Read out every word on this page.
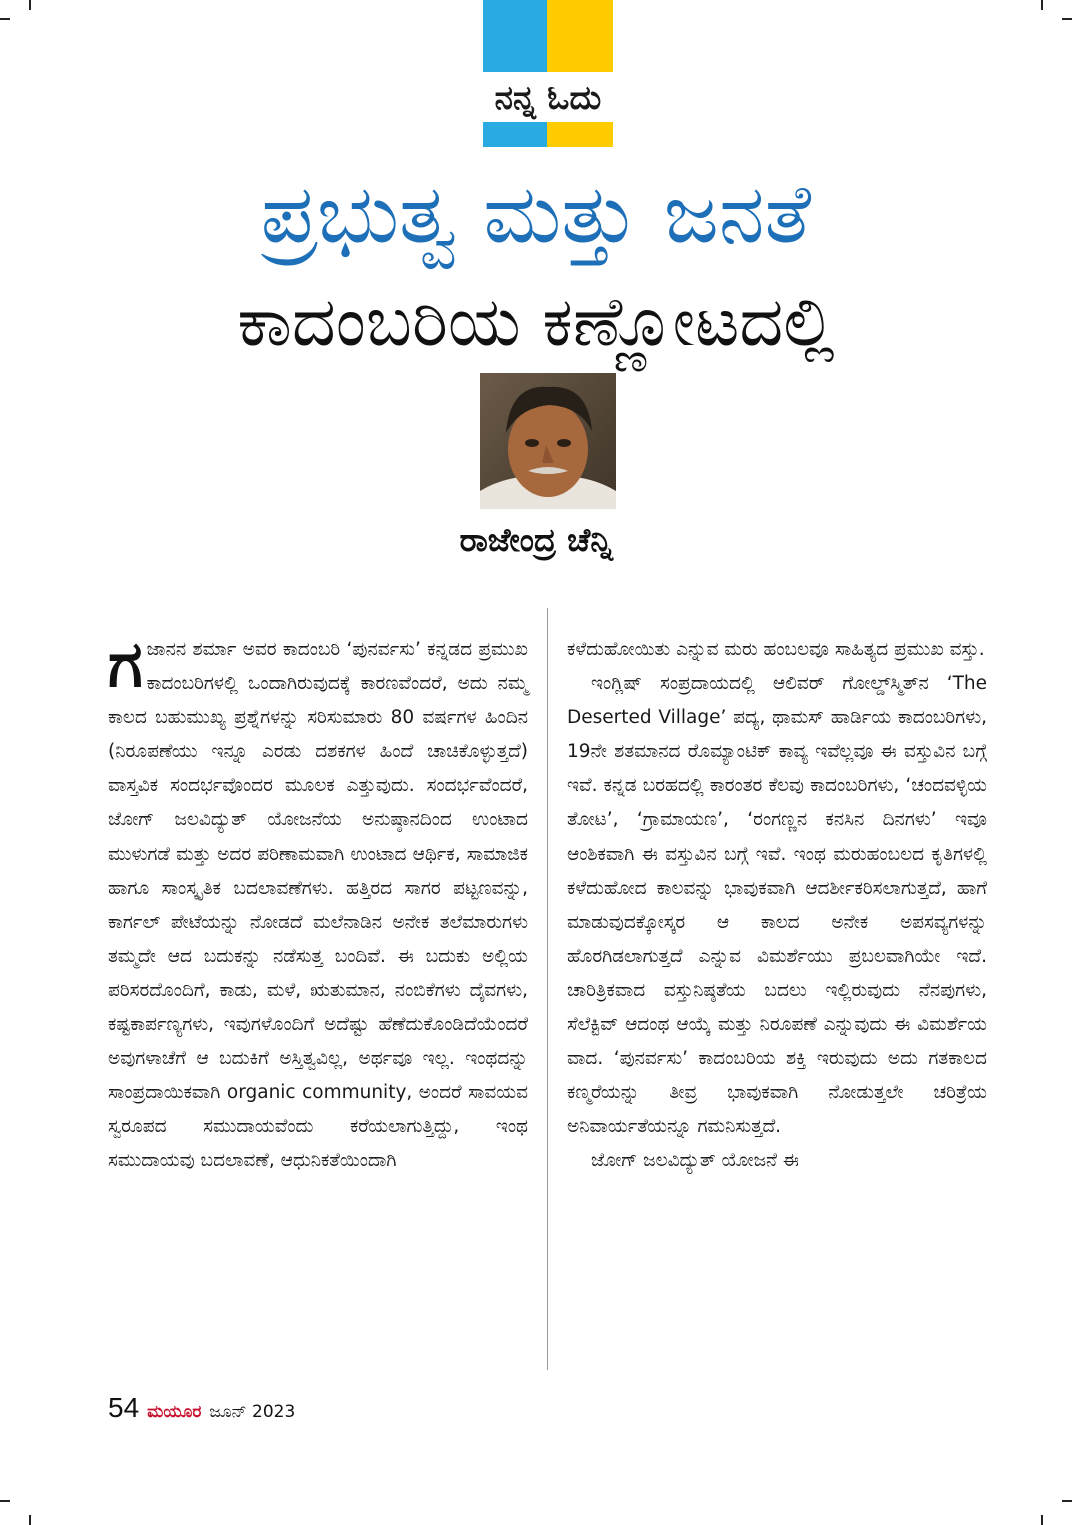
ನನ್ನ ಓದು
ಪ್ರಭುತ್ವ ಮತ್ತು ಜನತೆ
ಕಾದಂಬರಿಯ ಕಣ್ಣೋಟದಲ್ಲಿ
ರಾಜೇಂದ್ರ ಚೆನ್ನಿ

ಗಜಾನನ ಶರ್ಮಾ ಅವರ ಕಾದಂಬರಿ ‘ಪುನರ್ವಸು’ ಕನ್ನಡದ ಪ್ರಮುಖ ಕಾದಂಬರಿಗಳಲ್ಲಿ ಒಂದಾಗಿರುವುದಕ್ಕೆ ಕಾರಣವೆಂದರೆ, ಅದು ನಮ್ಮ ಕಾಲದ ಬಹುಮುಖ್ಯ ಪ್ರಶ್ನೆಗಳನ್ನು ಸರಿಸುಮಾರು 80 ವರ್ಷಗಳ ಹಿಂದಿನ (ನಿರೂಪಣೆಯು ಇನ್ನೂ ಎರಡು ದಶಕಗಳ ಹಿಂದೆ ಚಾಚಿಕೊಳ್ಳುತ್ತದೆ) ವಾಸ್ತವಿಕ ಸಂದರ್ಭವೊಂದರ ಮೂಲಕ ಎತ್ತುವುದು. ಸಂದರ್ಭವೆಂದರೆ, ಜೋಗ್ ಜಲವಿದ್ಯುತ್ ಯೋಜನೆಯ ಅನುಷ್ಠಾನದಿಂದ ಉಂಟಾದ ಮುಳುಗಡೆ ಮತ್ತು ಅದರ ಪರಿಣಾಮವಾಗಿ ಉಂಟಾದ ಆರ್ಥಿಕ, ಸಾಮಾಜಿಕ ಹಾಗೂ ಸಾಂಸ್ಕೃತಿಕ ಬದಲಾವಣೆಗಳು. ಹತ್ತಿರದ ಸಾಗರ ಪಟ್ಟಣವನ್ನು, ಕಾರ್ಗಲ್ ಪೇಟೆಯನ್ನು ನೋಡದೆ ಮಲೆನಾಡಿನ ಅನೇಕ ತಲೆಮಾರುಗಳು ತಮ್ಮದೇ ಆದ ಬದುಕನ್ನು ನಡೆಸುತ್ತ ಬಂದಿವೆ. ಈ ಬದುಕು ಅಲ್ಲಿಯ ಪರಿಸರದೊಂದಿಗೆ, ಕಾಡು, ಮಳೆ, ಋತುಮಾನ, ನಂಬಿಕೆಗಳು ದೈವಗಳು, ಕಷ್ಟಕಾರ್ಪಣ್ಯಗಳು, ಇವುಗಳೊಂದಿಗೆ ಅದೆಷ್ಟು ಹೆಣೆದುಕೊಂಡಿದೆಯೆಂದರೆ ಅವುಗಳಾಚೆಗೆ ಆ ಬದುಕಿಗೆ ಅಸ್ತಿತ್ವವಿಲ್ಲ, ಅರ್ಥವೂ ಇಲ್ಲ. ಇಂಥದನ್ನು ಸಾಂಪ್ರದಾಯಿಕವಾಗಿ organic community, ಅಂದರೆ ಸಾವಯವ ಸ್ವರೂಪದ ಸಮುದಾಯವೆಂದು ಕರೆಯಲಾಗುತ್ತಿದ್ದು, ಇಂಥ ಸಮುದಾಯವು ಬದಲಾವಣೆ, ಆಧುನಿಕತೆಯಿಂದಾಗಿ

ಕಳೆದುಹೋಯಿತು ಎನ್ನುವ ಮರು ಹಂಬಲವೂ ಸಾಹಿತ್ಯದ ಪ್ರಮುಖ ವಸ್ತು.

ಇಂಗ್ಲಿಷ್ ಸಂಪ್ರದಾಯದಲ್ಲಿ ಆಲಿವರ್ ಗೋಲ್ಡ್‌ಸ್ಮಿತ್‌ನ ‘The Deserted Village’ ಪದ್ಯ, ಥಾಮಸ್ ಹಾರ್ಡಿಯ ಕಾದಂಬರಿಗಳು, 19ನೇ ಶತಮಾನದ ರೊಮ್ಯಾಂಟಿಕ್ ಕಾವ್ಯ ಇವೆಲ್ಲವೂ ಈ ವಸ್ತುವಿನ ಬಗ್ಗೆ ಇವೆ. ಕನ್ನಡ ಬರಹದಲ್ಲಿ ಕಾರಂತರ ಕೆಲವು ಕಾದಂಬರಿಗಳು, ‘ಚಂದವಳ್ಳಿಯ ತೋಟ’, ‘ಗ್ರಾಮಾಯಣ’, ‘ರಂಗಣ್ಣನ ಕನಸಿನ ದಿನಗಳು’ ಇವೂ ಆಂಶಿಕವಾಗಿ ಈ ವಸ್ತುವಿನ ಬಗ್ಗೆ ಇವೆ. ಇಂಥ ಮರುಹಂಬಲದ ಕೃತಿಗಳಲ್ಲಿ ಕಳೆದುಹೋದ ಕಾಲವನ್ನು ಭಾವುಕವಾಗಿ ಆದರ್ಶೀಕರಿಸಲಾಗುತ್ತದೆ, ಹಾಗೆ ಮಾಡುವುದಕ್ಕೋಸ್ಕರ ಆ ಕಾಲದ ಅನೇಕ ಅಪಸವ್ಯಗಳನ್ನು ಹೊರಗಿಡಲಾಗುತ್ತದೆ ಎನ್ನುವ ವಿಮರ್ಶೆಯು ಪ್ರಬಲವಾಗಿಯೇ ಇದೆ. ಚಾರಿತ್ರಿಕವಾದ ವಸ್ತುನಿಷ್ಠತೆಯ ಬದಲು ಇಲ್ಲಿರುವುದು ನೆನಪುಗಳು, ಸೆಲೆಕ್ಟಿವ್ ಆದಂಥ ಆಯ್ಕೆ ಮತ್ತು ನಿರೂಪಣೆ ಎನ್ನುವುದು ಈ ವಿಮರ್ಶೆಯ ವಾದ. ‘ಪುನರ್ವಸು’ ಕಾದಂಬರಿಯ ಶಕ್ತಿ ಇರುವುದು ಅದು ಗತಕಾಲದ ಕಣ್ಮರೆಯನ್ನು ತೀವ್ರ ಭಾವುಕವಾಗಿ ನೋಡುತ್ತಲೇ ಚರಿತ್ರೆಯ ಅನಿವಾರ್ಯತೆಯನ್ನೂ ಗಮನಿಸುತ್ತದೆ.

ಜೋಗ್ ಜಲವಿದ್ಯುತ್ ಯೋಜನೆ ಈ

54 ಮಯೂರ ಜೂನ್ 2023
